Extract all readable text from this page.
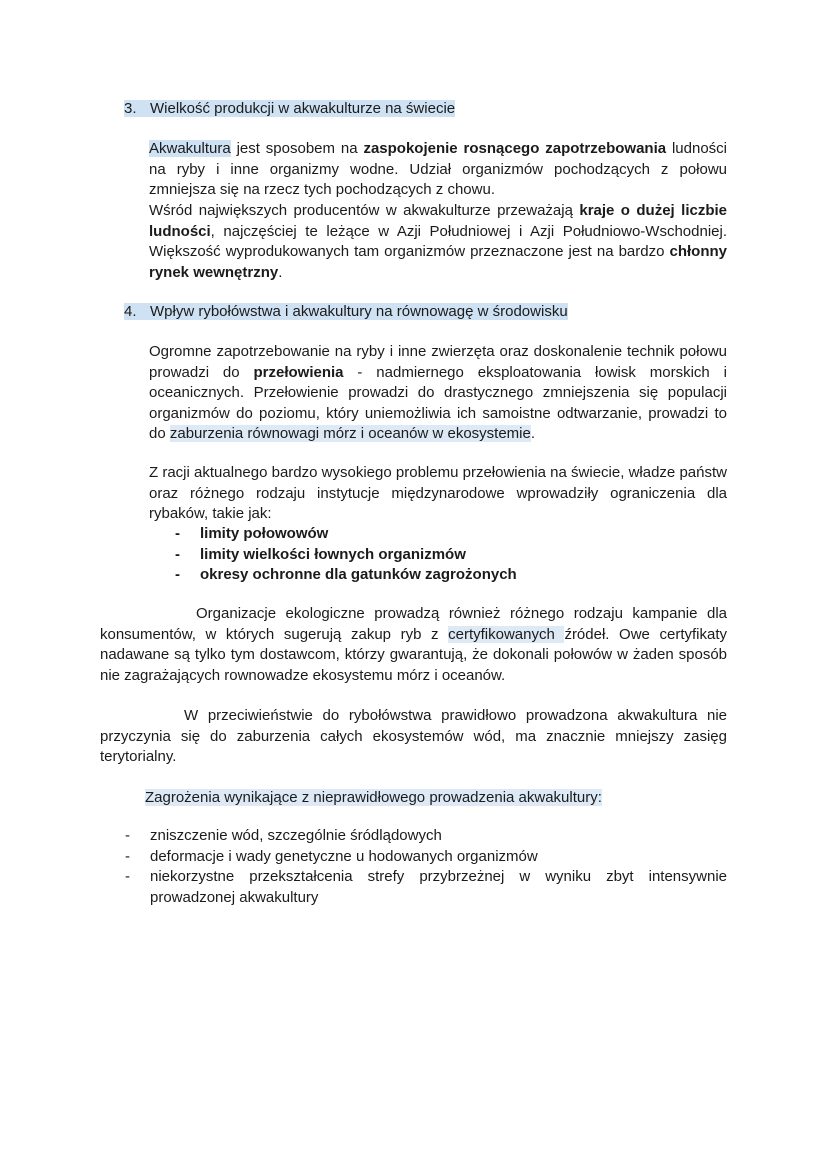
3. Wielkość produkcji w akwakulturze na świecie
Akwakultura jest sposobem na zaspokojenie rosnącego zapotrzebowania ludności na ryby i inne organizmy wodne. Udział organizmów pochodzących z połowu zmniejsza się na rzecz tych pochodzących z chowu.
Wśród największych producentów w akwakulturze przeważają kraje o dużej liczbie ludności, najczęściej te leżące w Azji Południowej i Azji Południowo-Wschodniej. Większość wyprodukowanych tam organizmów przeznaczone jest na bardzo chłonny rynek wewnętrzny.
4. Wpływ rybołówstwa i akwakultury na równowagę w środowisku
Ogromne zapotrzebowanie na ryby i inne zwierzęta oraz doskonalenie technik połowu prowadzi do przełowienia - nadmiernego eksploatowania łowisk morskich i oceanicznych. Przełowienie prowadzi do drastycznego zmniejszenia się populacji organizmów do poziomu, który uniemożliwia ich samoistne odtwarzanie, prowadzi to do zaburzenia równowagi mórz i oceanów w ekosystemie.
Z racji aktualnego bardzo wysokiego problemu przełowienia na świecie, władze państw oraz różnego rodzaju instytucje międzynarodowe wprowadziły ograniczenia dla rybaków, takie jak:
- limity połowowów
- limity wielkości łownych organizmów
- okresy ochronne dla gatunków zagrożonych
Organizacje ekologiczne prowadzą również różnego rodzaju kampanie dla konsumentów, w których sugerują zakup ryb z certyfikowanych źródeł. Owe certyfikaty nadawane są tylko tym dostawcom, którzy gwarantują, że dokonali połowów w żaden sposób nie zagrażających rownowadze ekosystemu mórz i oceanów.
W przeciwieństwie do rybołówstwa prawidłowo prowadzona akwakultura nie przyczynia się do zaburzenia całych ekosystemów wód, ma znacznie mniejszy zasięg terytorialny.
Zagrożenia wynikające z nieprawidłowego prowadzenia akwakultury:
- zniszczenie wód, szczególnie śródlądowych
- deformacje i wady genetyczne u hodowanych organizmów
- niekorzystne przekształcenia strefy przybrzeżnej w wyniku zbyt intensywnie prowadzonej akwakultury
